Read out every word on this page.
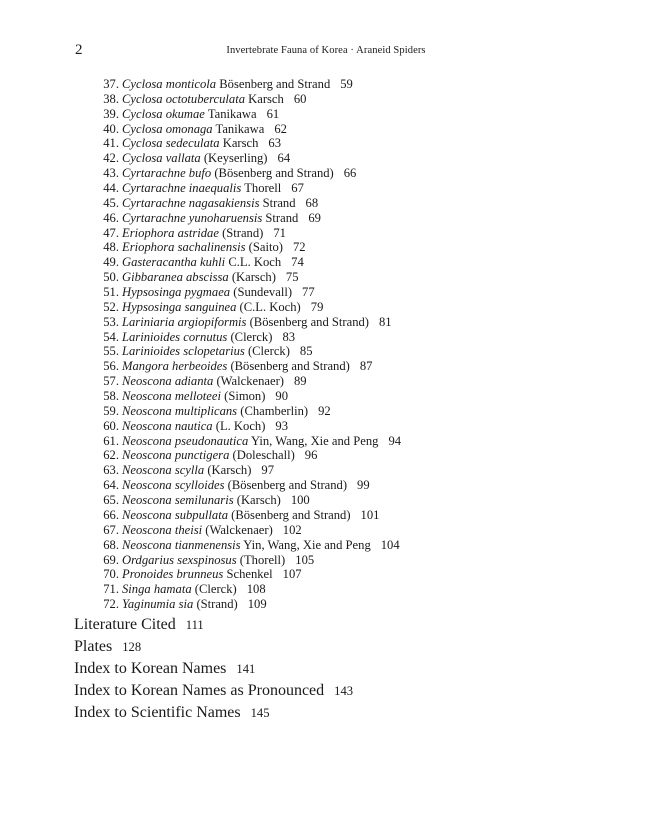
2	Invertebrate Fauna of Korea · Araneid Spiders
37. Cyclosa monticola Bösenberg and Strand 59
38. Cyclosa octotuberculata Karsch 60
39. Cyclosa okumae Tanikawa 61
40. Cyclosa omonaga Tanikawa 62
41. Cyclosa sedeculata Karsch 63
42. Cyclosa vallata (Keyserling) 64
43. Cyrtarachne bufo (Bösenberg and Strand) 66
44. Cyrtarachne inaequalis Thorell 67
45. Cyrtarachne nagasakiensis Strand 68
46. Cyrtarachne yunoharuensis Strand 69
47. Eriophora astridae (Strand) 71
48. Eriophora sachalinensis (Saito) 72
49. Gasteracantha kuhli C.L. Koch 74
50. Gibbaranea abscissa (Karsch) 75
51. Hypsosinga pygmaea (Sundevall) 77
52. Hypsosinga sanguinea (C.L. Koch) 79
53. Lariniaria argiopiformis (Bösenberg and Strand) 81
54. Larinioides cornutus (Clerck) 83
55. Larinioides sclopetarius (Clerck) 85
56. Mangora herbeoides (Bösenberg and Strand) 87
57. Neoscona adianta (Walckenaer) 89
58. Neoscona melloteei (Simon) 90
59. Neoscona multiplicans (Chamberlin) 92
60. Neoscona nautica (L. Koch) 93
61. Neoscona pseudonautica Yin, Wang, Xie and Peng 94
62. Neoscona punctigera (Doleschall) 96
63. Neoscona scylla (Karsch) 97
64. Neoscona scylloides (Bösenberg and Strand) 99
65. Neoscona semilunaris (Karsch) 100
66. Neoscona subpullata (Bösenberg and Strand) 101
67. Neoscona theisi (Walckenaer) 102
68. Neoscona tianmenensis Yin, Wang, Xie and Peng 104
69. Ordgarius sexspinosus (Thorell) 105
70. Pronoides brunneus Schenkel 107
71. Singa hamata (Clerck) 108
72. Yaginumia sia (Strand) 109
Literature Cited 111
Plates 128
Index to Korean Names 141
Index to Korean Names as Pronounced 143
Index to Scientific Names 145
